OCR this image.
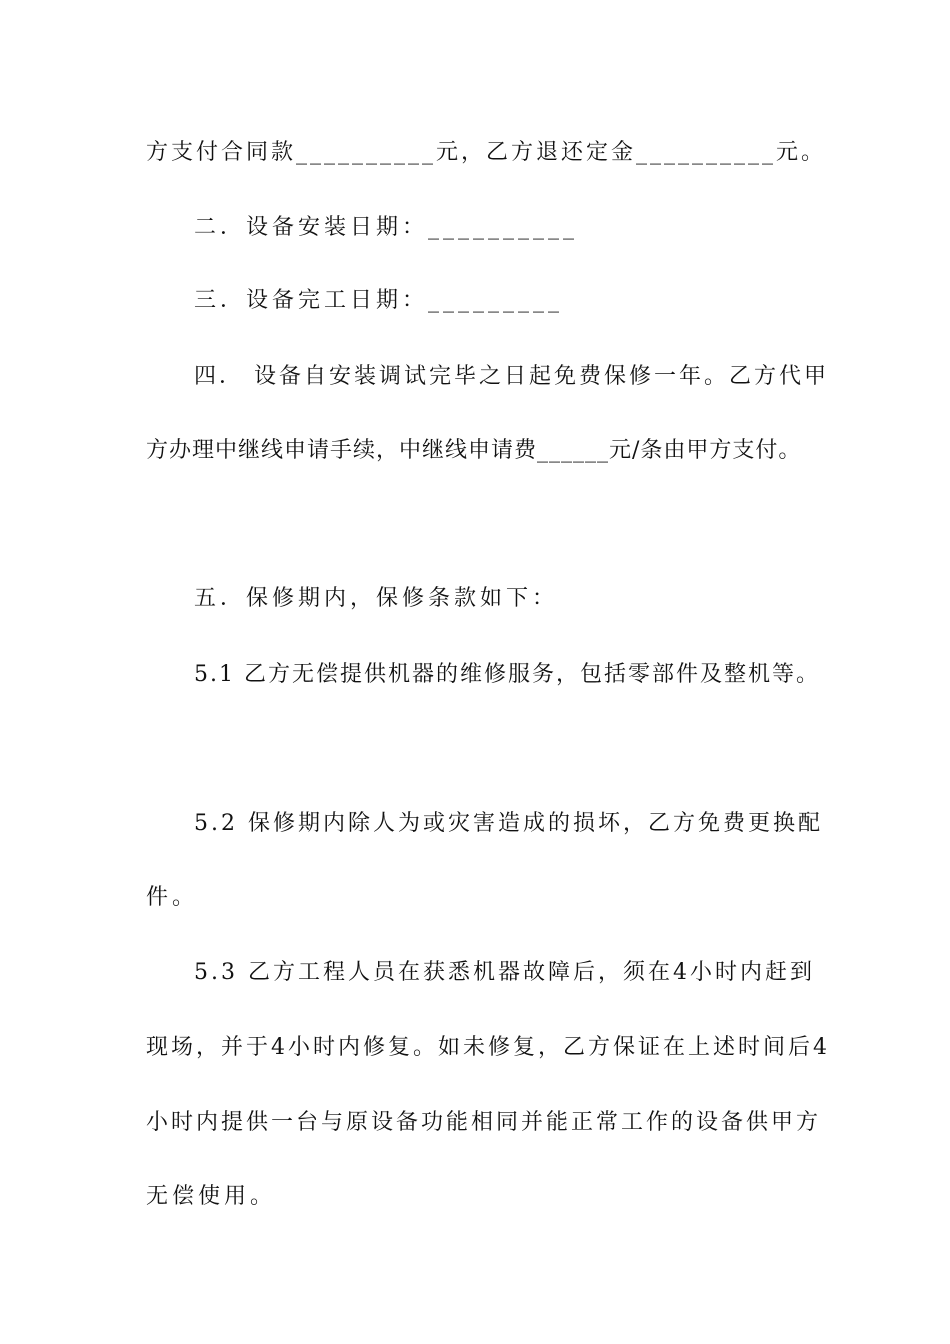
方支付合同款__________元，乙方退还定金__________元。
二．设备安装日期：__________
三．设备完工日期：_________
四． 设备自安装调试完毕之日起免费保修一年。乙方代甲
方办理中继线申请手续，中继线申请费______元/条由甲方支付。
五．保修期内，保修条款如下：
5.1 乙方无偿提供机器的维修服务，包括零部件及整机等。
5.2 保修期内除人为或灾害造成的损坏，乙方免费更换配
件。
5.3 乙方工程人员在获悉机器故障后，须在4小时内赶到
现场，并于4小时内修复。如未修复，乙方保证在上述时间后4
小时内提供一台与原设备功能相同并能正常工作的设备供甲方
无偿使用。
